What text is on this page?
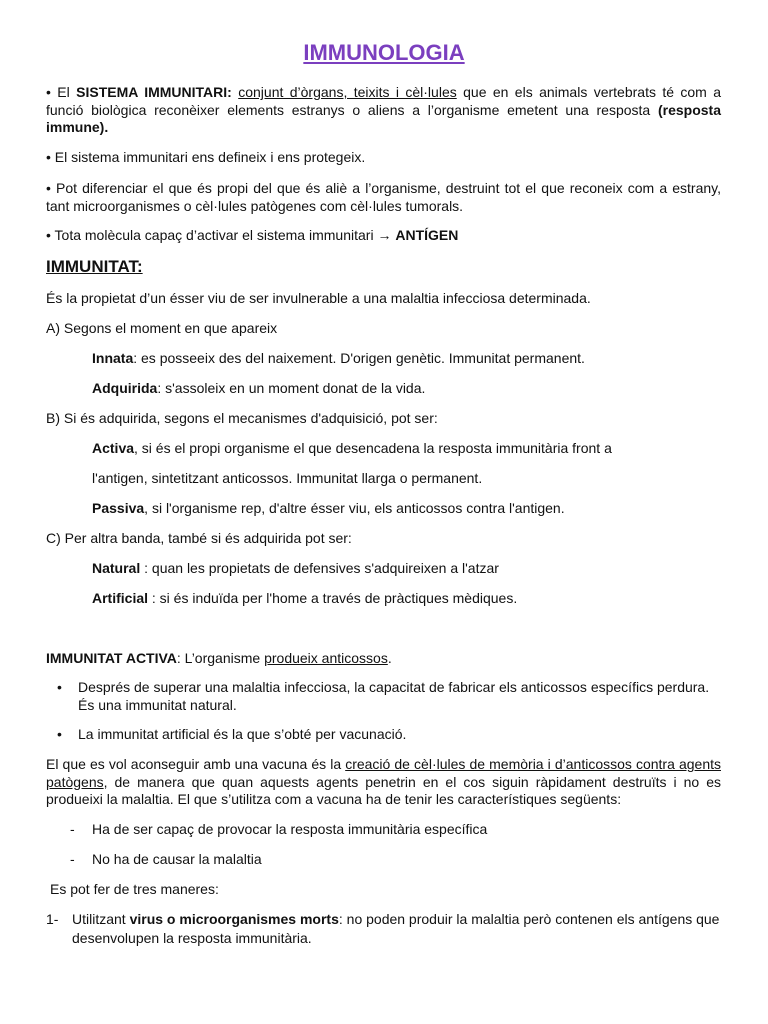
IMMUNOLOGIA
• El SISTEMA IMMUNITARI: conjunt d’òrgans, teixits i cèl·lules que en els animals vertebrats té com a funció biològica reconèixer elements estranys o aliens a l’organisme emetent una resposta (resposta immune).
• El sistema immunitari ens defineix i ens protegeix.
• Pot diferenciar el que és propi del que és aliè a l’organisme, destruint tot el que reconeix com a estrany, tant microorganismes o cèl·lules patògenes com cèl·lules tumorals.
• Tota molècula capaç d’activar el sistema immunitari → ANTÍGEN
IMMUNITAT:
És la propietat d’un ésser viu de ser invulnerable a una malaltia infecciosa determinada.
A) Segons el moment en que apareix
Innata: es posseeix des del naixement. D'origen genètic. Immunitat permanent.
Adquirida: s'assoleix en un moment donat de la vida.
B) Si és adquirida, segons el mecanismes d'adquisició, pot ser:
Activa, si és el propi organisme el que desencadena la resposta immunitària front a
l'antigen, sintetitzant anticossos. Immunitat llarga o permanent.
Passiva, si l'organisme rep, d'altre ésser viu, els anticossos contra l'antigen.
C) Per altra banda, també si és adquirida pot ser:
Natural : quan les propietats de defensives s'adquireixen a l'atzar
Artificial : si és induïda per l'home a través de pràctiques mèdiques.
IMMUNITAT ACTIVA: L’organisme produeix anticossos.
• Després de superar una malaltia infecciosa, la capacitat de fabricar els anticossos específics perdura. És una immunitat natural.
• La immunitat artificial és la que s’obté per vacunació.
El que es vol aconseguir amb una vacuna és la creació de cèl·lules de memòria i d’anticossos contra agents patògens, de manera que quan aquests agents penetrin en el cos siguin ràpidament destruïts i no es produeixi la malaltia. El que s’utilitza com a vacuna ha de tenir les característiques següents:
- Ha de ser capaç de provocar la resposta immunitària específica
- No ha de causar la malaltia
Es pot fer de tres maneres:
1- Utilitzant virus o microorganismes morts: no poden produir la malaltia però contenen els antígens que desenvolupen la resposta immunitària.
